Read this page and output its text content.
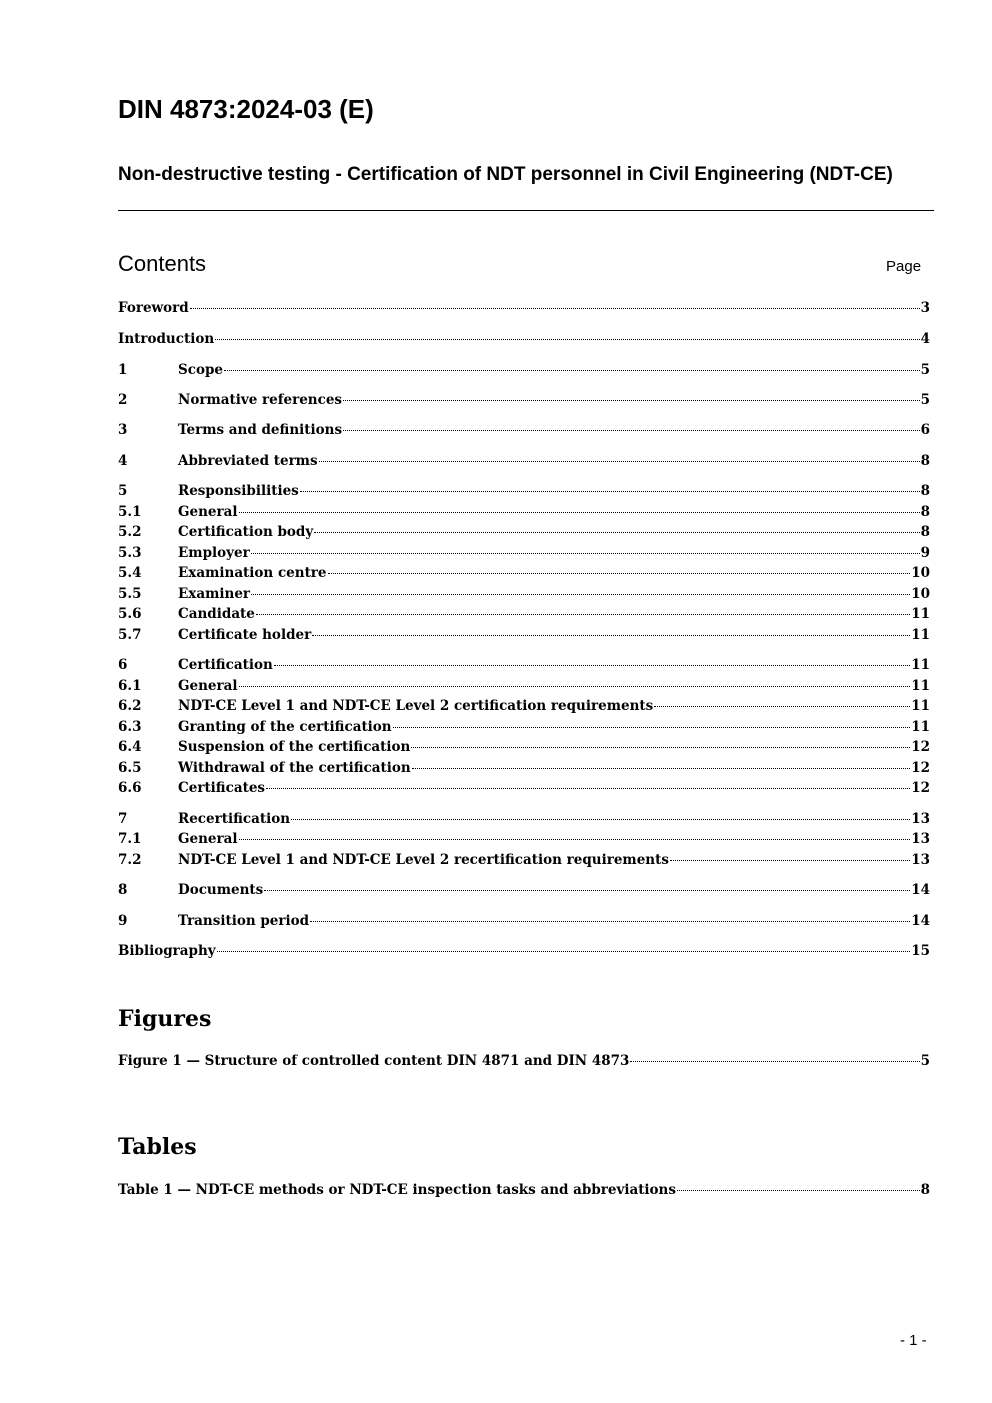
DIN 4873:2024-03 (E)
Non-destructive testing - Certification of NDT personnel in Civil Engineering (NDT-CE)
Contents	Page
Foreword	3
Introduction	4
1	Scope	5
2	Normative references	5
3	Terms and definitions	6
4	Abbreviated terms	8
5	Responsibilities	8
5.1	General	8
5.2	Certification body	8
5.3	Employer	9
5.4	Examination centre	10
5.5	Examiner	10
5.6	Candidate	11
5.7	Certificate holder	11
6	Certification	11
6.1	General	11
6.2	NDT-CE Level 1 and NDT-CE Level 2 certification requirements	11
6.3	Granting of the certification	11
6.4	Suspension of the certification	12
6.5	Withdrawal of the certification	12
6.6	Certificates	12
7	Recertification	13
7.1	General	13
7.2	NDT-CE Level 1 and NDT-CE Level 2 recertification requirements	13
8	Documents	14
9	Transition period	14
Bibliography	15
Figures
Figure 1 — Structure of controlled content DIN 4871 and DIN 4873	5
Tables
Table 1 — NDT-CE methods or NDT-CE inspection tasks and abbreviations	8
- 1 -
